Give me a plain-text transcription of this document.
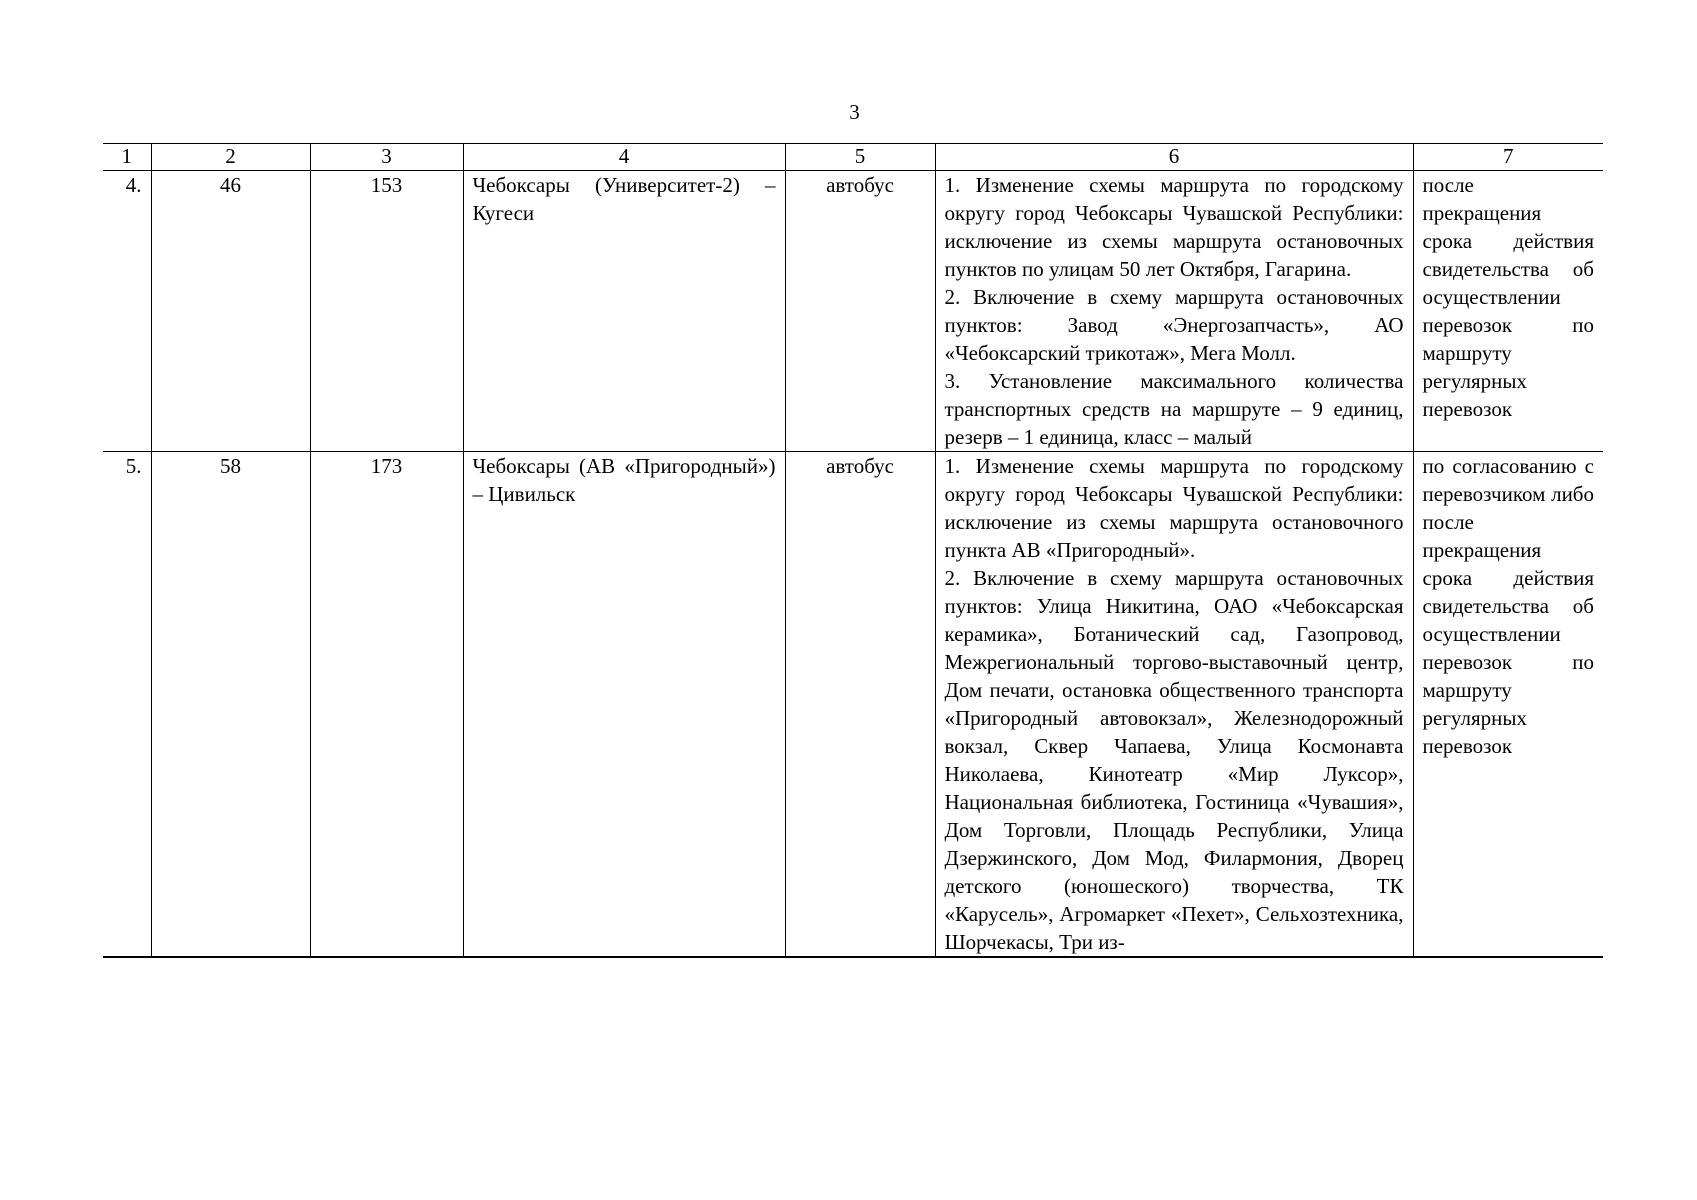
3
1	2	3	4	5	6	7
4.	46	153	Чебоксары (Университет-2) – Кугеси	автобус	1. Изменение схемы маршрута по городскому округу город Чебоксары Чувашской Республики: исключение из схемы маршрута остановочных пунктов по улицам 50 лет Октября, Гагарина.
2. Включение в схему маршрута остановочных пунктов: Завод «Энергозапчасть», АО «Чебоксарский трикотаж», Мега Молл.
3. Установление максимального количества транспортных средств на маршруте – 9 единиц, резерв – 1 единица, класс – малый	после прекращения срока действия свидетельства об осуществлении перевозок по маршруту регулярных перевозок
5.	58	173	Чебоксары (АВ «Пригородный») – Цивильск	автобус	1. Изменение схемы маршрута по городскому округу город Чебоксары Чувашской Республики: исключение из схемы маршрута остановочного пункта АВ «Пригородный».
2. Включение в схему маршрута остановочных пунктов: Улица Никитина, ОАО «Чебоксарская керамика», Ботанический сад, Газопровод, Межрегиональный торгово-выставочный центр, Дом печати, остановка общественного транспорта «Пригородный автовокзал», Железнодорожный вокзал, Сквер Чапаева, Улица Космонавта Николаева, Кинотеатр «Мир Луксор», Национальная библиотека, Гостиница «Чувашия», Дом Торговли, Площадь Республики, Улица Дзержинского, Дом Мод, Филармония, Дворец детского (юношеского) творчества, ТК «Карусель», Агромаркет «Пехет», Сельхозтехника, Шорчекасы, Три из-	по согласованию с перевозчиком либо после прекращения срока действия свидетельства об осуществлении перевозок по маршруту регулярных перевозок
